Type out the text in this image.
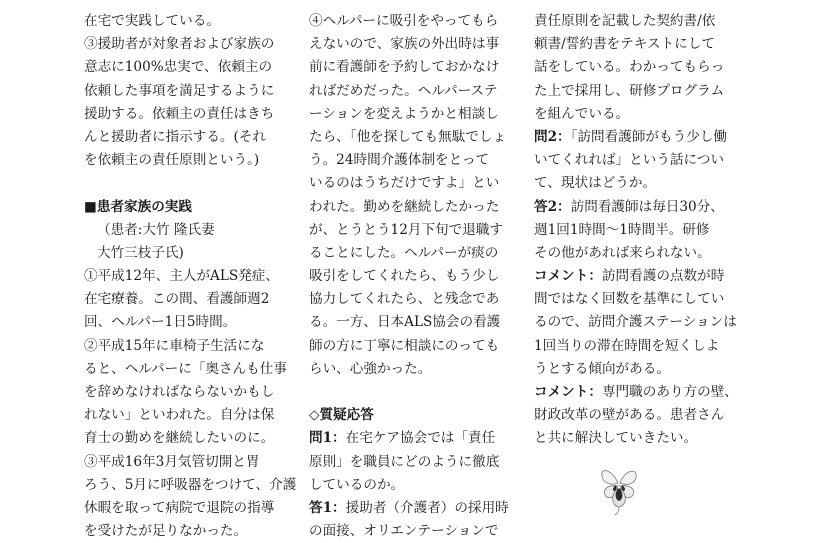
在宅で実践している。
③援助者が対象者および家族の
意志に100%忠実で、依頼主の
依頼した事項を満足するように
援助する。依頼主の責任はきち
んと援助者に指示する。(それ
を依頼主の責任原則という。)
■患者家族の実践
（患者:大竹 隆氏妻
大竹三枝子氏)
①平成12年、主人がALS発症、
在宅療養。この間、看護師週2
回、ヘルパー1日5時間。
②平成15年に車椅子生活にな
ると、ヘルパーに「奥さんも仕事
を辞めなければならないかもし
れない」といわれた。自分は保
育士の勤めを継続したいのに。
③平成16年3月気管切開と胃
ろう、5月に呼吸器をつけて、介護
休暇を取って病院で退院の指導
を受けたが足りなかった。
④ヘルパーに吸引をやってもら
えないので、家族の外出時は事
前に看護師を予約しておかなけ
ればだめだった。ヘルパーステ
ーションを変えようかと相談し
たら、「他を探しても無駄でしょ
う。24時間介護体制をとって
いるのはうちだけですよ」とい
われた。勤めを継続したかった
が、とうとう12月下旬で退職す
ることにした。ヘルパーが痰の
吸引をしてくれたら、もう少し
協力してくれたら、と残念であ
る。一方、日本ALS協会の看護
師の方に丁寧に相談にのっても
らい、心強かった。
◇質疑応答
問1：在宅ケア協会では「責任
原則」を職員にどのように徹底
しているのか。
答1：援助者（介護者）の採用時
の面接、オリエンテーションで
責任原則を記載した契約書/依
頼書/誓約書をテキストにして
話をしている。わかってもらっ
た上で採用し、研修プログラム
を組んでいる。
問2：「訪問看護師がもう少し働
いてくれれば」という話につい
て、現状はどうか。
答2：訪問看護師は毎日30分、
週1回1時間〜1時間半。研修
その他があれば来られない。
コメント：訪問看護の点数が時
間ではなく回数を基準にしてい
るので、訪問介護ステーションは
1回当りの滞在時間を短くしよ
うとする傾向がある。
コメント：専門職のあり方の壁、
財政改革の壁がある。患者さん
と共に解決していきたい。
